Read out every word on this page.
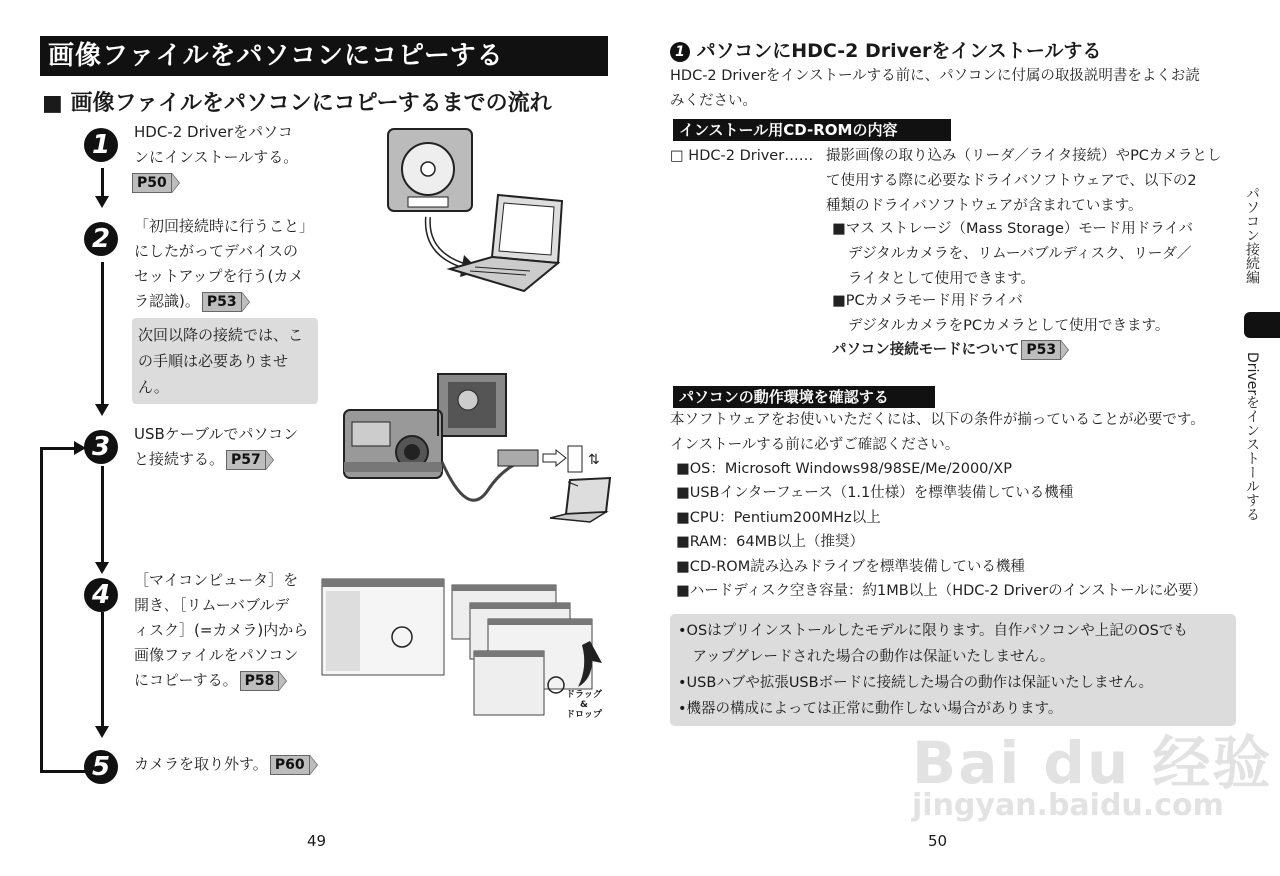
画像ファイルをパソコンにコピーする
■ 画像ファイルをパソコンにコピーするまでの流れ
1	HDC-2 Driverをパソコ
ンにインストールする。
P50
2	「初回接続時に行うこと」
にしたがってデバイスの
セットアップを行う(カメ
ラ認識)。 P53
次回以降の接続では、こ
の手順は必要ありません。
3	USBケーブルでパソコン
と接続する。 P57
4	［マイコンピュータ］を
開き､［リムーバブルデ
ィスク］(=カメラ)内から
画像ファイルをパソコン
にコピーする。 P58
5	カメラを取り外す。 P60
⇅
ドラッグ
&
ドロップ
49
1 パソコンにHDC-2 Driverをインストールする
HDC-2 Driverをインストールする前に、パソコンに付属の取扱説明書をよくお読
みください。
インストール用CD-ROMの内容
□ HDC-2 Driver…… 撮影画像の取り込み（リーダ／ライタ接続）やPCカメラとし
て使用する際に必要なドライバソフトウェアで、以下の2
種類のドライバソフトウェアが含まれています。
■マス ストレージ（Mass Storage）モード用ドライバ
デジタルカメラを、リムーバブルディスク、リーダ／
ライタとして使用できます。
■PCカメラモード用ドライバ
デジタルカメラをPCカメラとして使用できます。
パソコン接続モードについて P53
パソコンの動作環境を確認する
本ソフトウェアをお使いいただくには、以下の条件が揃っていることが必要です。
インストールする前に必ずご確認ください。
■OS：Microsoft Windows98/98SE/Me/2000/XP
■USBインターフェース（1.1仕様）を標準装備している機種
■CPU：Pentium200MHz以上
■RAM：64MB以上（推奨）
■CD-ROM読み込みドライブを標準装備している機種
■ハードディスク空き容量：約1MB以上（HDC-2 Driverのインストールに必要）
•OSはプリインストールしたモデルに限ります。自作パソコンや上記のOSでも
　アップグレードされた場合の動作は保証いたしません。
•USBハブや拡張USBボードに接続した場合の動作は保証いたしません。
•機器の構成によっては正常に動作しない場合があります。
パソコン接続編
Driverをインストールする
Bai du 经验
jingyan.baidu.com
50
